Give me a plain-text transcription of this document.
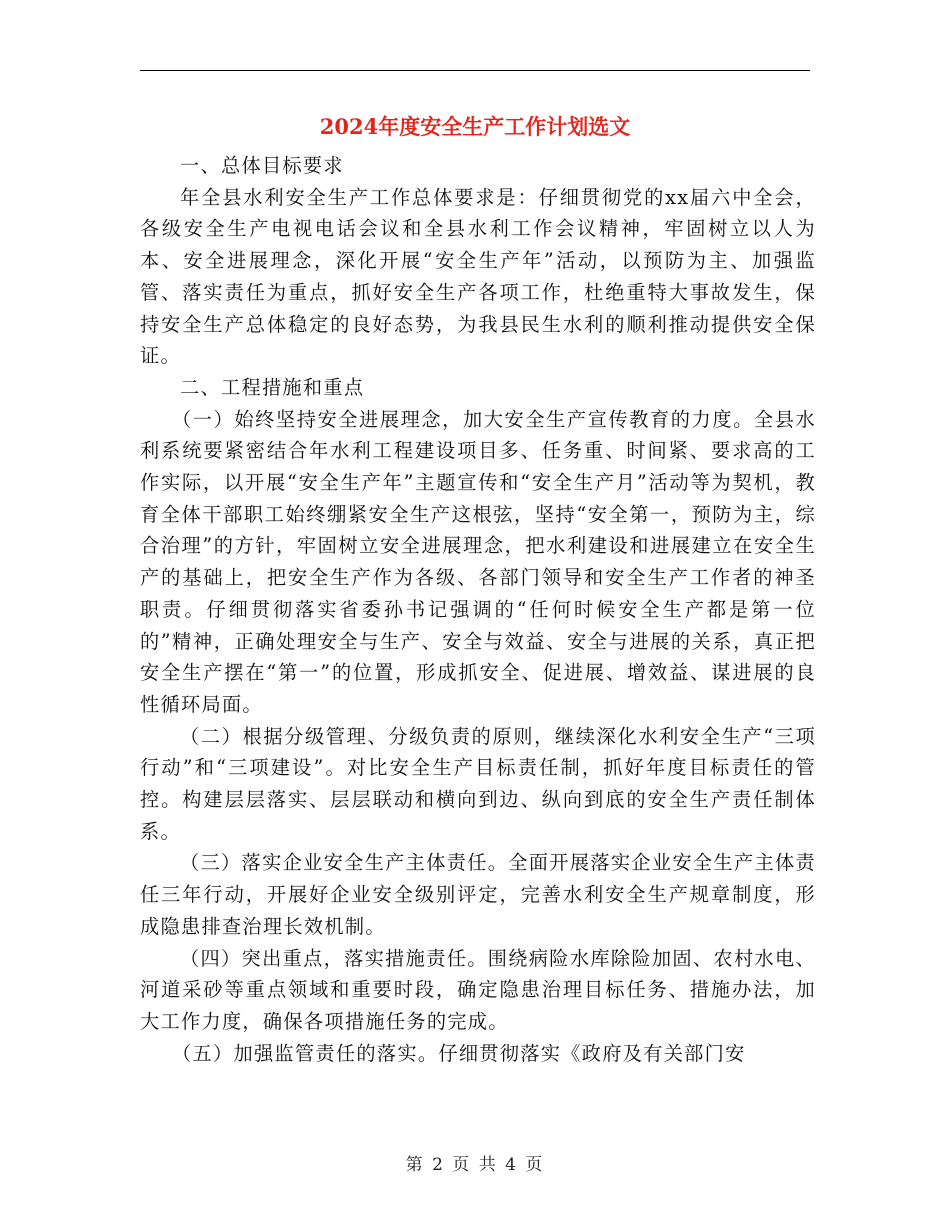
2024年度安全生产工作计划选文

一、总体目标要求

年全县水利安全生产工作总体要求是：仔细贯彻党的xx届六中全会，各级安全生产电视电话会议和全县水利工作会议精神，牢固树立以人为本、安全进展理念，深化开展“安全生产年”活动，以预防为主、加强监管、落实责任为重点，抓好安全生产各项工作，杜绝重特大事故发生，保持安全生产总体稳定的良好态势，为我县民生水利的顺利推动提供安全保证。

二、工程措施和重点

（一）始终坚持安全进展理念，加大安全生产宣传教育的力度。全县水利系统要紧密结合年水利工程建设项目多、任务重、时间紧、要求高的工作实际，以开展“安全生产年”主题宣传和“安全生产月”活动等为契机，教育全体干部职工始终绷紧安全生产这根弦，坚持“安全第一，预防为主，综合治理”的方针，牢固树立安全进展理念，把水利建设和进展建立在安全生产的基础上，把安全生产作为各级、各部门领导和安全生产工作者的神圣职责。仔细贯彻落实省委孙书记强调的“任何时候安全生产都是第一位的”精神，正确处理安全与生产、安全与效益、安全与进展的关系，真正把安全生产摆在“第一”的位置，形成抓安全、促进展、增效益、谋进展的良性循环局面。

（二）根据分级管理、分级负责的原则，继续深化水利安全生产“三项行动”和“三项建设”。对比安全生产目标责任制，抓好年度目标责任的管控。构建层层落实、层层联动和横向到边、纵向到底的安全生产责任制体系。

（三）落实企业安全生产主体责任。全面开展落实企业安全生产主体责任三年行动，开展好企业安全级别评定，完善水利安全生产规章制度，形成隐患排查治理长效机制。

（四）突出重点，落实措施责任。围绕病险水库除险加固、农村水电、河道采砂等重点领域和重要时段，确定隐患治理目标任务、措施办法，加大工作力度，确保各项措施任务的完成。

（五）加强监管责任的落实。仔细贯彻落实《政府及有关部门安

第 2 页 共 4 页
